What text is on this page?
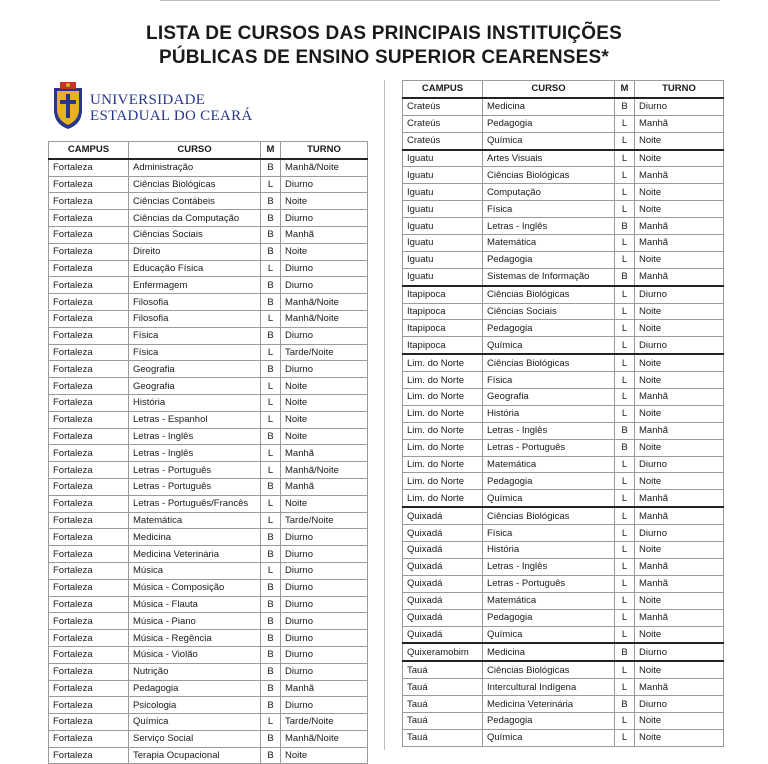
LISTA DE CURSOS DAS PRINCIPAIS INSTITUIÇÕES
PÚBLICAS DE ENSINO SUPERIOR CEARENSES*
UNIVERSIDADE
ESTADUAL DO CEARÁ
CAMPUS	CURSO	M	TURNO
Fortaleza	Administração	B	Manhã/Noite
Fortaleza	Ciências Biológicas	L	Diurno
Fortaleza	Ciências Contábeis	B	Noite
Fortaleza	Ciências da Computação	B	Diurno
Fortaleza	Ciências Sociais	B	Manhã
Fortaleza	Direito	B	Noite
Fortaleza	Educação Física	L	Diurno
Fortaleza	Enfermagem	B	Diurno
Fortaleza	Filosofia	B	Manhã/Noite
Fortaleza	Filosofia	L	Manhã/Noite
Fortaleza	Física	B	Diurno
Fortaleza	Física	L	Tarde/Noite
Fortaleza	Geografia	B	Diurno
Fortaleza	Geografia	L	Noite
Fortaleza	História	L	Noite
Fortaleza	Letras - Espanhol	L	Noite
Fortaleza	Letras - Inglês	B	Noite
Fortaleza	Letras - Inglês	L	Manhã
Fortaleza	Letras - Português	L	Manhã/Noite
Fortaleza	Letras - Português	B	Manhã
Fortaleza	Letras - Português/Francês	L	Noite
Fortaleza	Matemática	L	Tarde/Noite
Fortaleza	Medicina	B	Diurno
Fortaleza	Medicina Veterinária	B	Diurno
Fortaleza	Música	L	Diurno
Fortaleza	Música - Composição	B	Diurno
Fortaleza	Música - Flauta	B	Diurno
Fortaleza	Música - Piano	B	Diurno
Fortaleza	Música - Regência	B	Diurno
Fortaleza	Música - Violão	B	Diurno
Fortaleza	Nutrição	B	Diurno
Fortaleza	Pedagogia	B	Manhã
Fortaleza	Psicologia	B	Diurno
Fortaleza	Química	L	Tarde/Noite
Fortaleza	Serviço Social	B	Manhã/Noite
Fortaleza	Terapia Ocupacional	B	Noite
CAMPUS	CURSO	M	TURNO
Crateús	Medicina	B	Diurno
Crateús	Pedagogia	L	Manhã
Crateús	Química	L	Noite
Iguatu	Artes Visuais	L	Noite
Iguatu	Ciências Biológicas	L	Manhã
Iguatu	Computação	L	Noite
Iguatu	Física	L	Noite
Iguatu	Letras - Inglês	B	Manhã
Iguatu	Matemática	L	Manhã
Iguatu	Pedagogia	L	Noite
Iguatu	Sistemas de Informação	B	Manhã
Itapipoca	Ciências Biológicas	L	Diurno
Itapipoca	Ciências Sociais	L	Noite
Itapipoca	Pedagogia	L	Noite
Itapipoca	Química	L	Diurno
Lim. do Norte	Ciências Biológicas	L	Noite
Lim. do Norte	Física	L	Noite
Lim. do Norte	Geografia	L	Manhã
Lim. do Norte	História	L	Noite
Lim. do Norte	Letras - Inglês	B	Manhã
Lim. do Norte	Letras - Português	B	Noite
Lim. do Norte	Matemática	L	Diurno
Lim. do Norte	Pedagogia	L	Noite
Lim. do Norte	Química	L	Manhã
Quixadá	Ciências Biológicas	L	Manhã
Quixadá	Física	L	Diurno
Quixadá	História	L	Noite
Quixadá	Letras - Inglês	L	Manhã
Quixadá	Letras - Português	L	Manhã
Quixadá	Matemática	L	Noite
Quixadá	Pedagogia	L	Manhã
Quixadá	Química	L	Noite
Quixeramobim	Medicina	B	Diurno
Tauá	Ciências Biológicas	L	Noite
Tauá	Intercultural Indígena	L	Manhã
Tauá	Medicina Veterinária	B	Diurno
Tauá	Pedagogia	L	Noite
Tauá	Química	L	Noite
